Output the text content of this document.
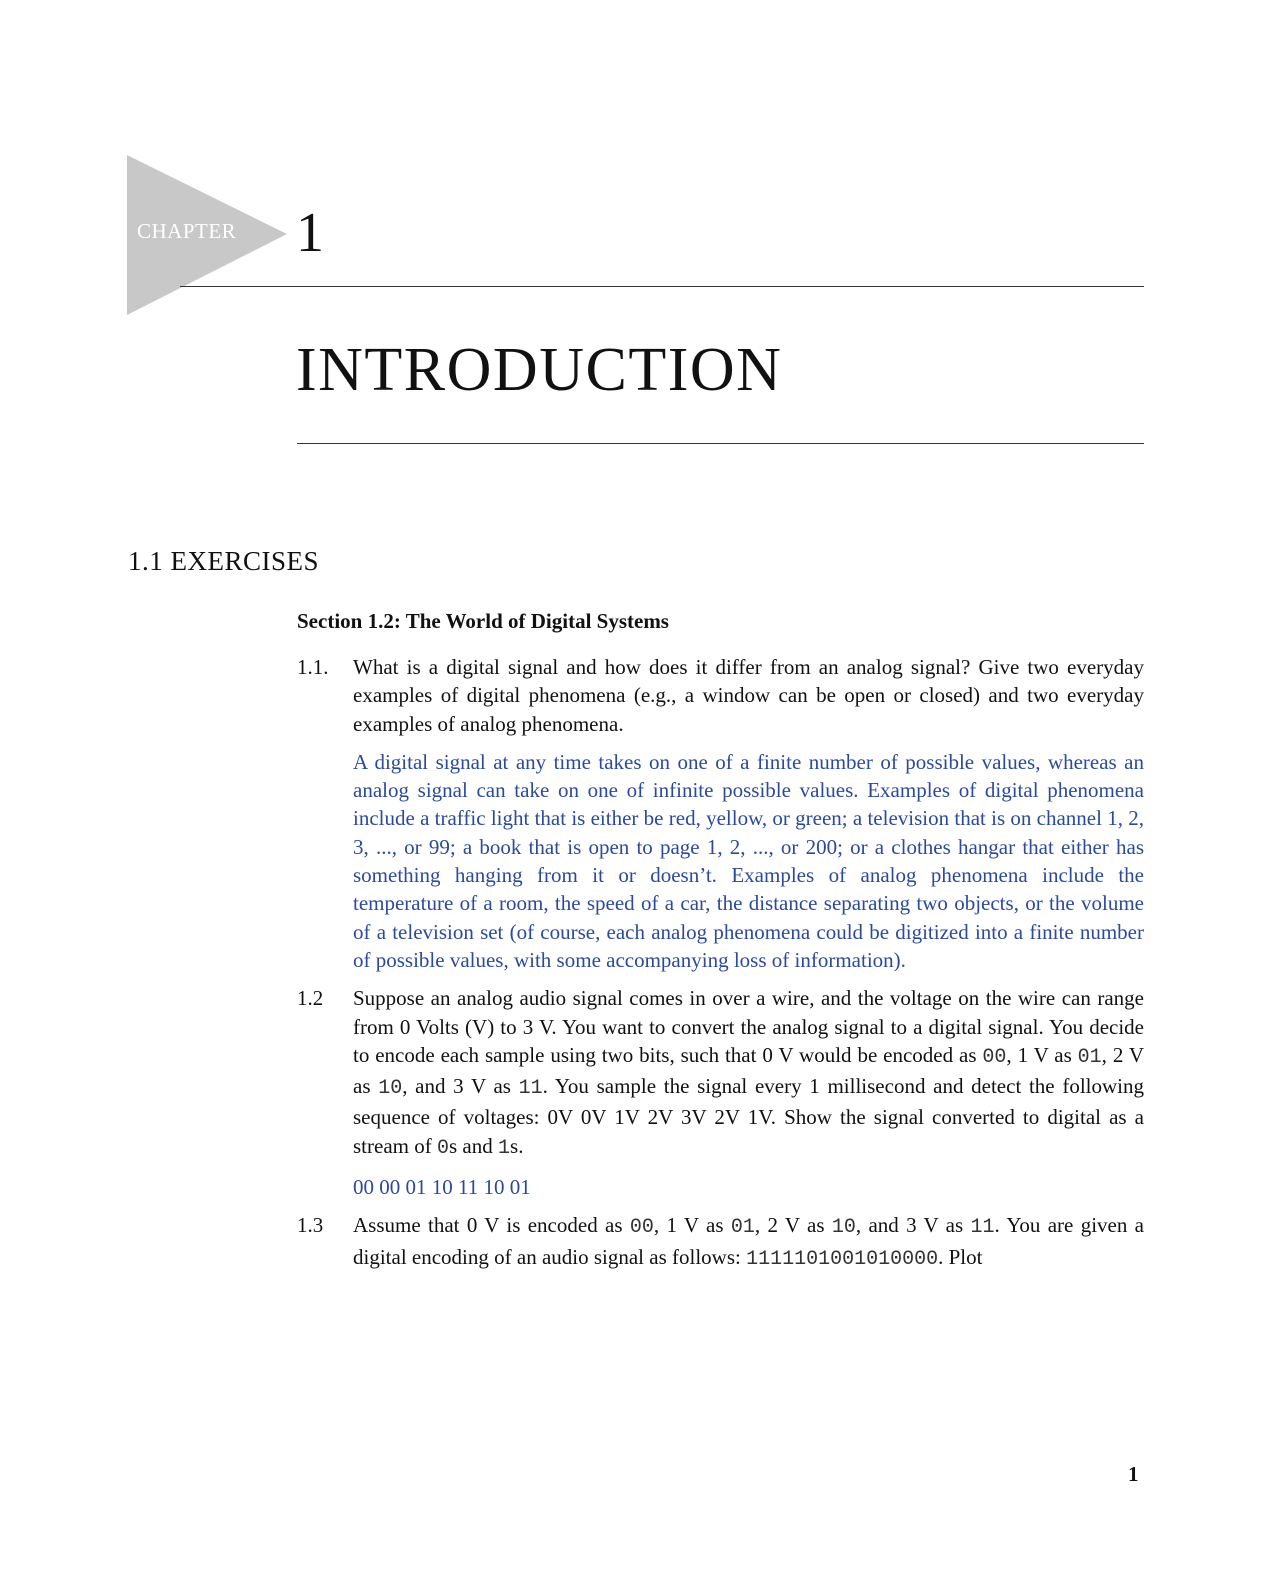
CHAPTER 1
INTRODUCTION
1.1 EXERCISES
Section 1.2: The World of Digital Systems
1.1. What is a digital signal and how does it differ from an analog signal? Give two everyday examples of digital phenomena (e.g., a window can be open or closed) and two everyday examples of analog phenomena.
A digital signal at any time takes on one of a finite number of possible values, whereas an analog signal can take on one of infinite possible values. Examples of digital phenomena include a traffic light that is either be red, yellow, or green; a television that is on channel 1, 2, 3, ..., or 99; a book that is open to page 1, 2, ..., or 200; or a clothes hangar that either has something hanging from it or doesn’t. Examples of analog phenomena include the temperature of a room, the speed of a car, the distance separating two objects, or the volume of a television set (of course, each analog phenomena could be digitized into a finite number of possible values, with some accompanying loss of information).
1.2 Suppose an analog audio signal comes in over a wire, and the voltage on the wire can range from 0 Volts (V) to 3 V. You want to convert the analog signal to a digital signal. You decide to encode each sample using two bits, such that 0 V would be encoded as 00, 1 V as 01, 2 V as 10, and 3 V as 11. You sample the signal every 1 millisecond and detect the following sequence of voltages: 0V 0V 1V 2V 3V 2V 1V. Show the signal converted to digital as a stream of 0s and 1s.
00 00 01 10 11 10 01
1.3 Assume that 0 V is encoded as 00, 1 V as 01, 2 V as 10, and 3 V as 11. You are given a digital encoding of an audio signal as follows: 1111101001010000. Plot
1
